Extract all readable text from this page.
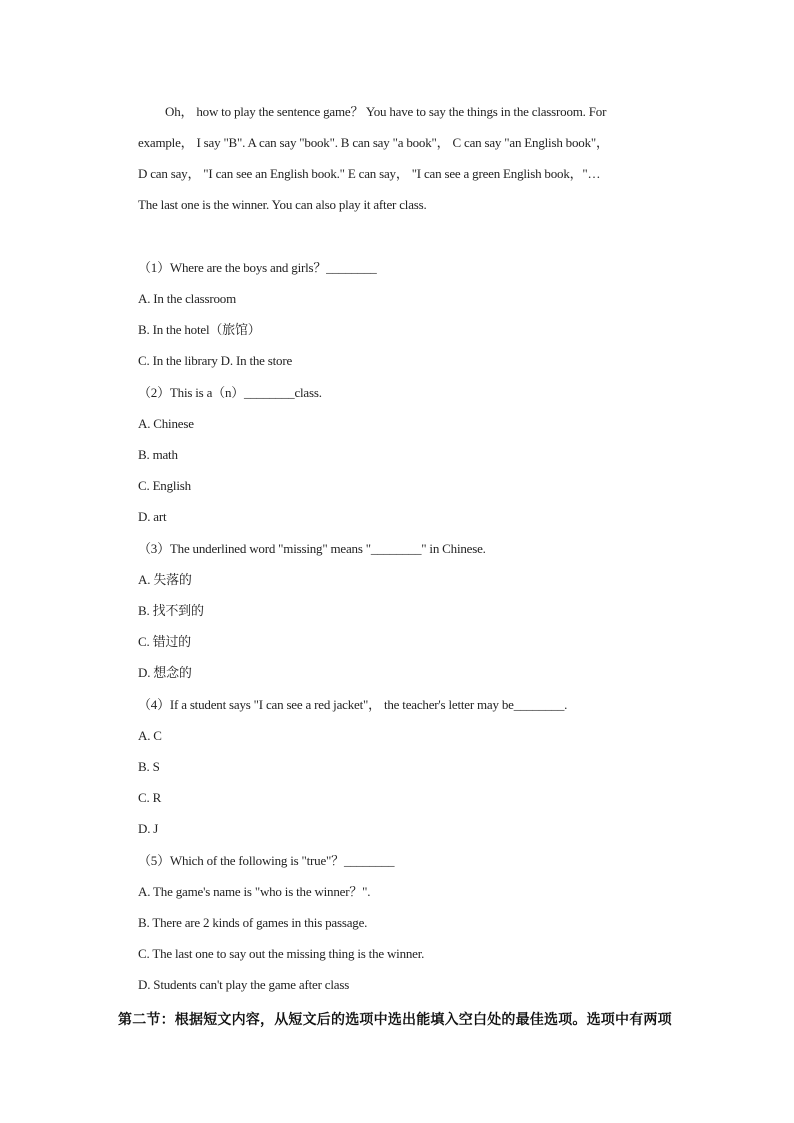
Oh， how to play the sentence game？ You have to say the things in the classroom. For
example， I say "B". A can say "book". B can say "a book"， C can say "an English book"，
D can say， "I can see an English book." E can say， "I can see a green English book，"…
The last one is the winner. You can also play it after class.
（1）Where are the boys and girls？________
A. In the classroom
B. In the hotel（旅馆）
C. In the library D. In the store
（2）This is a（n）________class.
A. Chinese
B. math
C. English
D. art
（3）The underlined word "missing" means "________" in Chinese.
A. 失落的
B. 找不到的
C. 错过的
D. 想念的
（4）If a student says "I can see a red jacket"， the teacher's letter may be________.
A. C
B. S
C. R
D. J
（5）Which of the following is "true"？________
A. The game's name is "who is the winner？".
B. There are 2 kinds of games in this passage.
C. The last one to say out the missing thing is the winner.
D. Students can't play the game after class
第二节：根据短文内容，从短文后的选项中选出能填入空白处的最佳选项。选项中有两项
